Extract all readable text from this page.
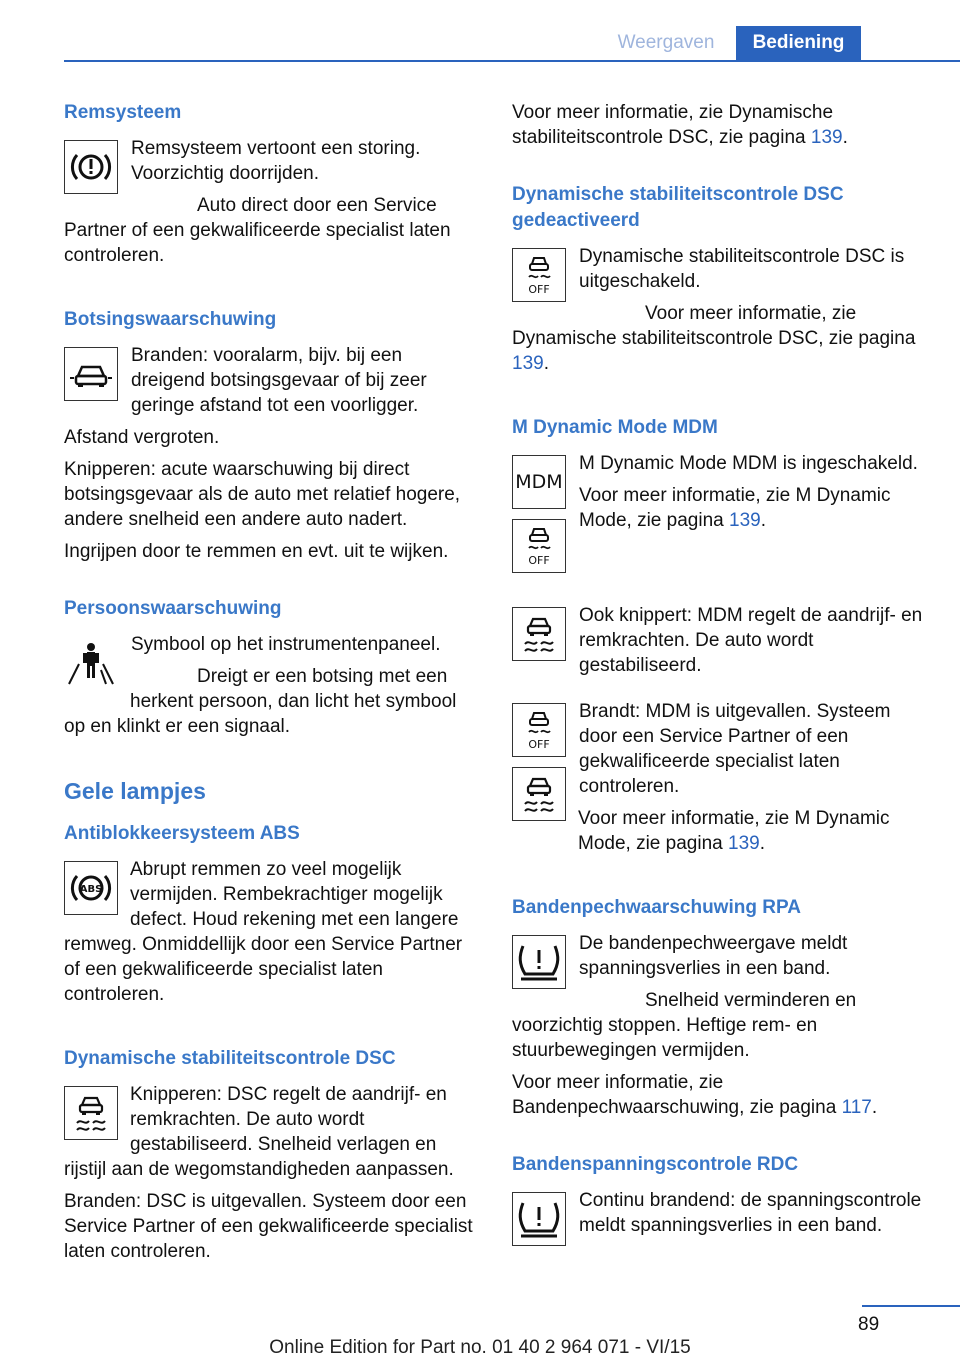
Weergaven	Bediening
Remsysteem

Remsysteem vertoont een storing. Voorzichtig doorrijden.

Auto direct door een Service Partner of een gekwalificeerde specialist laten controleren.

Botsingswaarschuwing

Branden: vooralarm, bijv. bij een dreigend botsingsgevaar of bij zeer geringe afstand tot een voorligger.

Afstand vergroten.

Knipperen: acute waarschuwing bij direct botsingsgevaar als de auto met relatief hogere, andere snelheid een andere auto nadert.

Ingrijpen door te remmen en evt. uit te wijken.

Persoonswaarschuwing

Symbool op het instrumentenpaneel.

Dreigt er een botsing met een herkent persoon, dan licht het symbool op en klinkt er een signaal.

Gele lampjes
Antiblokkeersysteem ABS
ABS

Abrupt remmen zo veel mogelijk vermijden. Rembekrachtiger mogelijk defect. Houd rekening met een langere remweg. Onmiddellijk door een Service Partner of een gekwalificeerde specialist laten controleren.

Dynamische stabiliteitscontrole DSC

Knipperen: DSC regelt de aandrijf- en remkrachten. De auto wordt gestabiliseerd. Snelheid verlagen en rijstijl aan de wegomstandigheden aanpassen.

Branden: DSC is uitgevallen. Systeem door een Service Partner of een gekwalificeerde specialist laten controleren.

Voor meer informatie, zie Dynamische stabiliteitscontrole DSC, zie pagina 139.

Dynamische stabiliteitscontrole DSC gedeactiveerd
OFF

Dynamische stabiliteitscontrole DSC is uitgeschakeld.

Voor meer informatie, zie Dynamische stabiliteitscontrole DSC, zie pagina 139.

M Dynamic Mode MDM
MDM
OFF

M Dynamic Mode MDM is ingeschakeld.

Voor meer informatie, zie M Dynamic Mode, zie pagina 139.

Ook knippert: MDM regelt de aandrijf- en remkrachten. De auto wordt gestabiliseerd.

OFF

Brandt: MDM is uitgevallen. Systeem door een Service Partner of een gekwalificeerde specialist laten controleren.

Voor meer informatie, zie M Dynamic Mode, zie pagina 139.

Bandenpechwaarschuwing RPA

De bandenpechweergave meldt spanningsverlies in een band.

Snelheid verminderen en voorzichtig stoppen. Heftige rem- en stuurbewegingen vermijden.

Voor meer informatie, zie Bandenpechwaarschuwing, zie pagina 117.

Bandenspanningscontrole RDC

Continu brandend: de spanningscontrole meldt spanningsverlies in een band.

89
Online Edition for Part no. 01 40 2 964 071 - VI/15
